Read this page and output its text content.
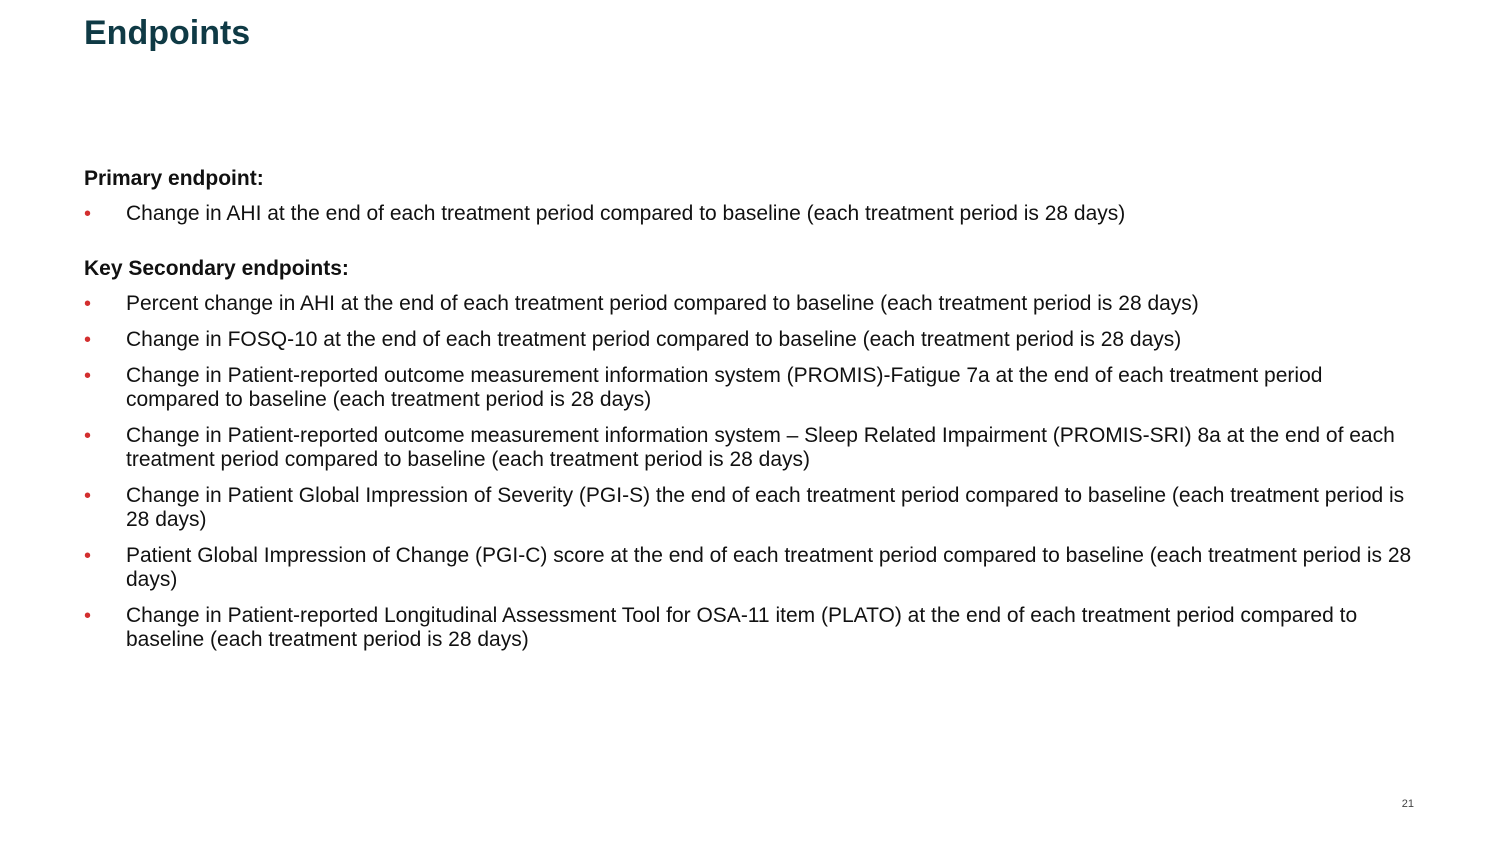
Endpoints
Primary endpoint:
• Change in AHI at the end of each treatment period compared to baseline (each treatment period is 28 days)
Key Secondary endpoints:
• Percent change in AHI at the end of each treatment period compared to baseline (each treatment period is 28 days)
• Change in FOSQ-10 at the end of each treatment period compared to baseline (each treatment period is 28 days)
• Change in Patient-reported outcome measurement information system (PROMIS)-Fatigue 7a at the end of each treatment period compared to baseline (each treatment period is 28 days)
• Change in Patient-reported outcome measurement information system – Sleep Related Impairment (PROMIS-SRI) 8a at the end of each treatment period compared to baseline (each treatment period is 28 days)
• Change in Patient Global Impression of Severity (PGI-S) the end of each treatment period compared to baseline (each treatment period is 28 days)
• Patient Global Impression of Change (PGI-C) score at the end of each treatment period compared to baseline (each treatment period is 28 days)
• Change in Patient-reported Longitudinal Assessment Tool for OSA-11 item (PLATO) at the end of each treatment period compared to baseline (each treatment period is 28 days)
21
